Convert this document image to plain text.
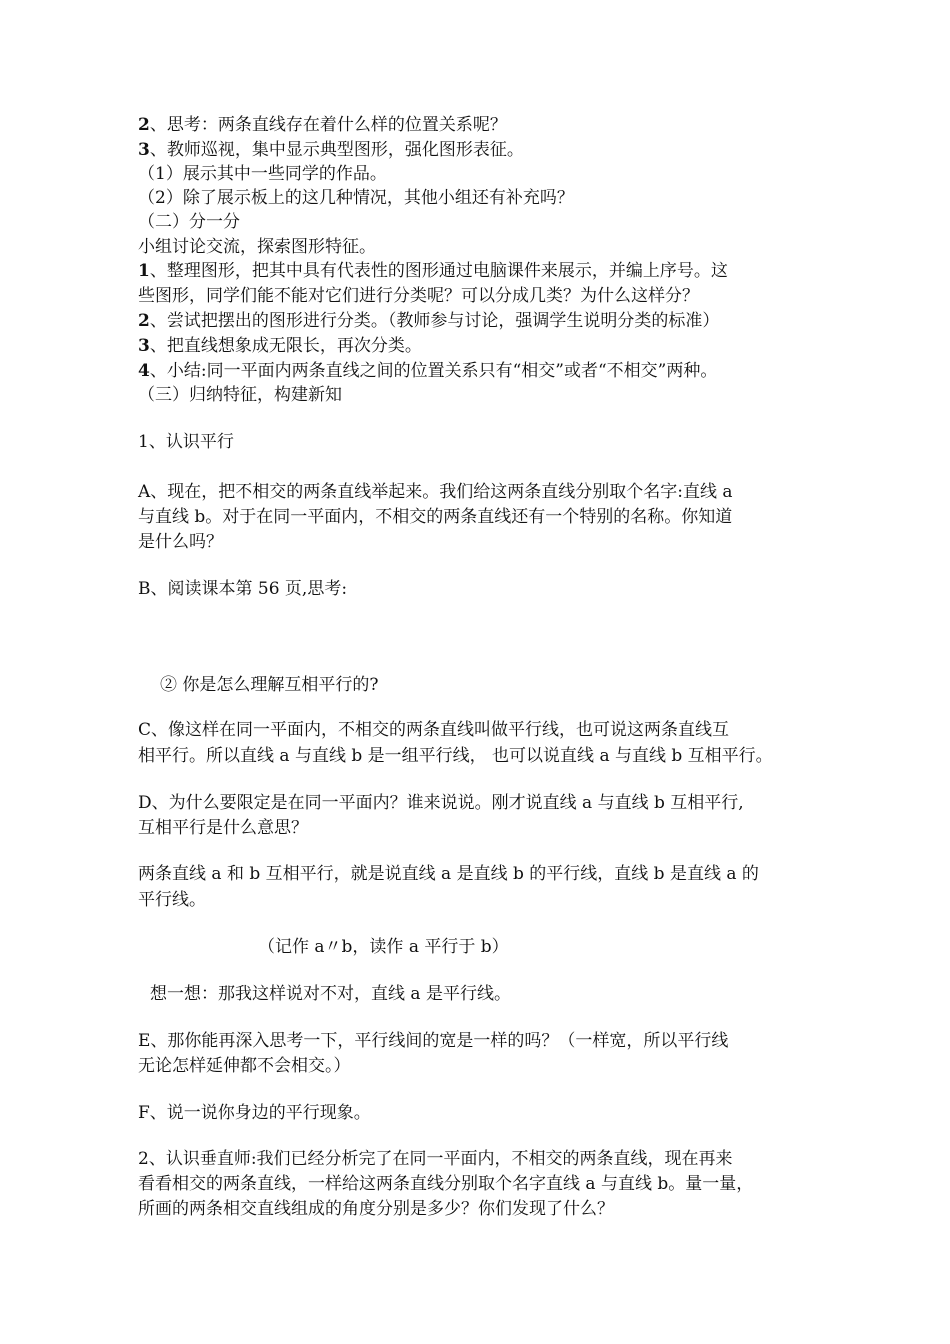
2、思考：两条直线存在着什么样的位置关系呢？
3、教师巡视，集中显示典型图形，强化图形表征。
（1）展示其中一些同学的作品。
（2）除了展示板上的这几种情况，其他小组还有补充吗？
（二）分一分
小组讨论交流，探索图形特征。
1、整理图形，把其中具有代表性的图形通过电脑课件来展示，并编上序号。这
些图形，同学们能不能对它们进行分类呢？可以分成几类？为什么这样分？
2、尝试把摆出的图形进行分类。（教师参与讨论，强调学生说明分类的标准）
3、把直线想象成无限长，再次分类。
4、小结:同一平面内两条直线之间的位置关系只有“相交”或者“不相交”两种。
（三）归纳特征，构建新知
1、认识平行
A、现在，把不相交的两条直线举起来。我们给这两条直线分别取个名字:直线 a
与直线 b。对于在同一平面内，不相交的两条直线还有一个特别的名称。你知道
是什么吗？
B、阅读课本第 56 页,思考:
② 你是怎么理解互相平行的?
C、像这样在同一平面内，不相交的两条直线叫做平行线，也可说这两条直线互
相平行。所以直线 a 与直线 b 是一组平行线， 也可以说直线 a 与直线 b 互相平行。
D、为什么要限定是在同一平面内？谁来说说。刚才说直线 a 与直线 b 互相平行,
互相平行是什么意思？
两条直线 a 和 b 互相平行，就是说直线 a 是直线 b 的平行线，直线 b 是直线 a 的
平行线。
（记作 a〃b，读作 a 平行于 b）
想一想：那我这样说对不对，直线 a 是平行线。
E、那你能再深入思考一下，平行线间的宽是一样的吗？（一样宽，所以平行线
无论怎样延伸都不会相交。）
F、说一说你身边的平行现象。
2、认识垂直师:我们已经分析完了在同一平面内，不相交的两条直线，现在再来
看看相交的两条直线，一样给这两条直线分别取个名字直线 a 与直线 b。量一量，
所画的两条相交直线组成的角度分别是多少？你们发现了什么？
